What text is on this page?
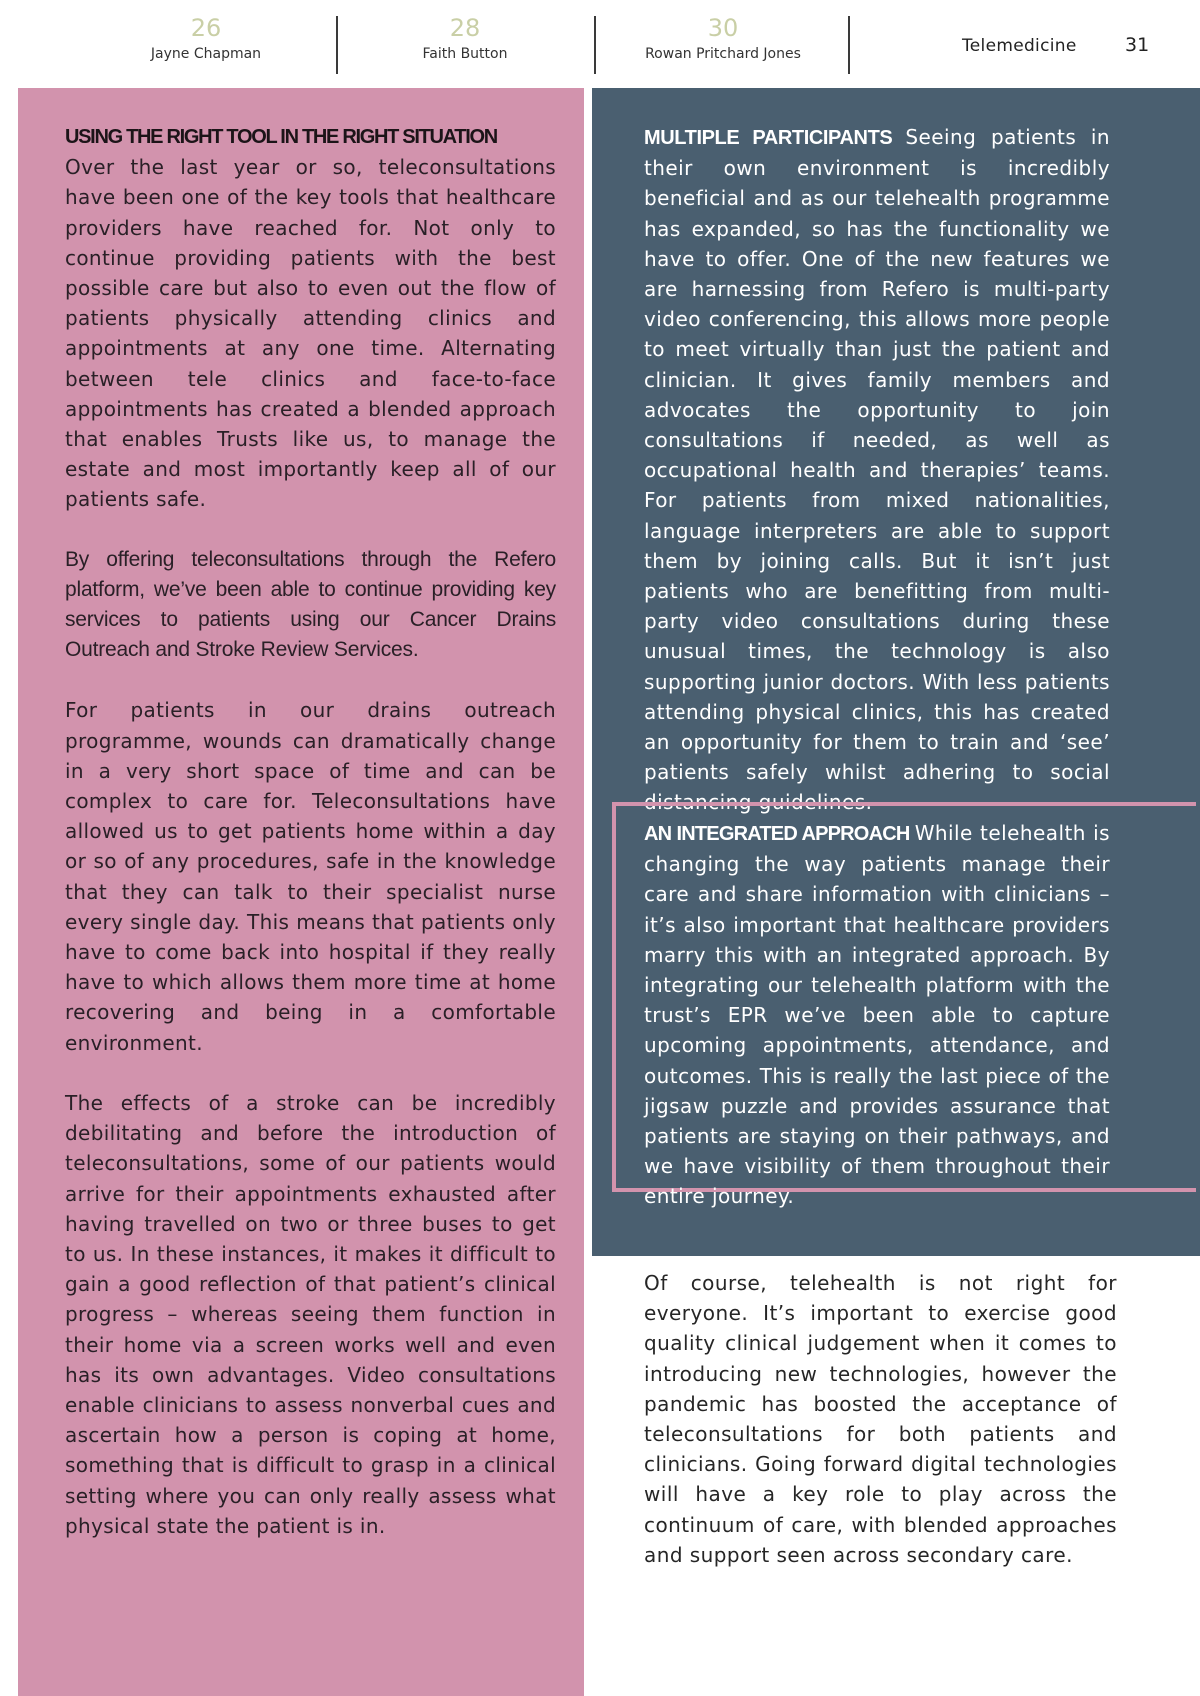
26
Jayne Chapman
28
Faith Button
30
Rowan Pritchard Jones	Telemedicine	31
USING THE RIGHT TOOL IN THE RIGHT SITUATION

Over the last year or so, teleconsultations have been one of the key tools that healthcare providers have reached for. Not only to continue providing patients with the best possible care but also to even out the flow of patients physically attending clinics and appointments at any one time. Alternating between tele clinics and face-to-face appointments has created a blended approach that enables Trusts like us, to manage the estate and most importantly keep all of our patients safe.

By offering teleconsultations through the Refero platform, we’ve been able to continue providing key services to patients using our Cancer Drains Outreach and Stroke Review Services.

For patients in our drains outreach programme, wounds can dramatically change in a very short space of time and can be complex to care for. Teleconsultations have allowed us to get patients home within a day or so of any procedures, safe in the knowledge that they can talk to their specialist nurse every single day. This means that patients only have to come back into hospital if they really have to which allows them more time at home recovering and being in a comfortable environment.

The effects of a stroke can be incredibly debilitating and before the introduction of teleconsultations, some of our patients would arrive for their appointments exhausted after having travelled on two or three buses to get to us. In these instances, it makes it difficult to gain a good reflection of that patient’s clinical progress – whereas seeing them function in their home via a screen works well and even has its own advantages. Video consultations enable clinicians to assess nonverbal cues and ascertain how a person is coping at home, something that is difficult to grasp in a clinical setting where you can only really assess what physical state the patient is in.

MULTIPLE PARTICIPANTS Seeing patients in their own environment is incredibly beneficial and as our telehealth programme has expanded, so has the functionality we have to offer. One of the new features we are harnessing from Refero is multi-party video conferencing, this allows more people to meet virtually than just the patient and clinician. It gives family members and advocates the opportunity to join consultations if needed, as well as occupational health and therapies’ teams. For patients from mixed nationalities, language interpreters are able to support them by joining calls. But it isn’t just patients who are benefitting from multi-party video consultations during these unusual times, the technology is also supporting junior doctors. With less patients attending physical clinics, this has created an opportunity for them to train and ‘see’ patients safely whilst adhering to social distancing guidelines.
AN INTEGRATED APPROACH While telehealth is changing the way patients manage their care and share information with clinicians – it’s also important that healthcare providers marry this with an integrated approach. By integrating our telehealth platform with the trust’s EPR we’ve been able to capture upcoming appointments, attendance, and outcomes. This is really the last piece of the jigsaw puzzle and provides assurance that patients are staying on their pathways, and we have visibility of them throughout their entire journey.
Of course, telehealth is not right for everyone. It’s important to exercise good quality clinical judgement when it comes to introducing new technologies, however the pandemic has boosted the acceptance of teleconsultations for both patients and clinicians. Going forward digital technologies will have a key role to play across the continuum of care, with blended approaches and support seen across secondary care.
